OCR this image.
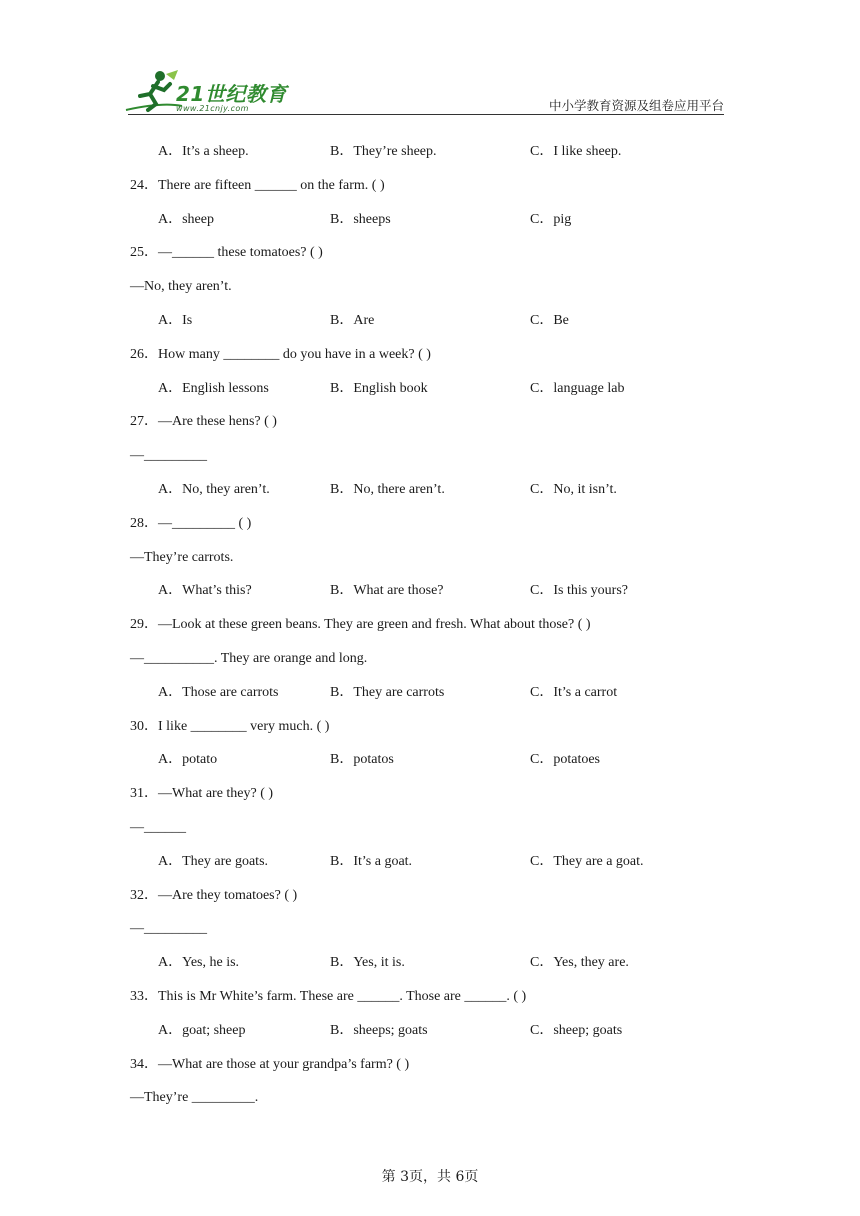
21世纪教育
www.21cnjy.com	中小学教育资源及组卷应用平台
A．It’s a sheep.	B．They’re sheep.	C．I like sheep.
24．There are fifteen ______ on the farm. ( )
A．sheep	B．sheeps	C．pig
25．—______ these tomatoes? ( )
—No, they aren’t.
A．Is	B．Are	C．Be
26．How many ________ do you have in a week? ( )
A．English lessons	B．English book	C．language lab
27．—Are these hens? ( )
—_________
A．No, they aren’t.	B．No, there aren’t.	C．No, it isn’t.
28．—_________ ( )
—They’re carrots.
A．What’s this?	B．What are those?	C．Is this yours?
29．—Look at these green beans. They are green and fresh. What about those? ( )
—__________. They are orange and long.
A．Those are carrots	B．They are carrots	C．It’s a carrot
30．I like ________ very much. ( )
A．potato	B．potatos	C．potatoes
31．—What are they? ( )
—______
A．They are goats.	B．It’s a goat.	C．They are a goat.
32．—Are they tomatoes? ( )
—_________
A．Yes, he is.	B．Yes, it is.	C．Yes, they are.
33．This is Mr White’s farm. These are ______. Those are ______. ( )
A．goat; sheep	B．sheeps; goats	C．sheep; goats
34．—What are those at your grandpa’s farm? ( )
—They’re _________.
第 3页，共 6页
